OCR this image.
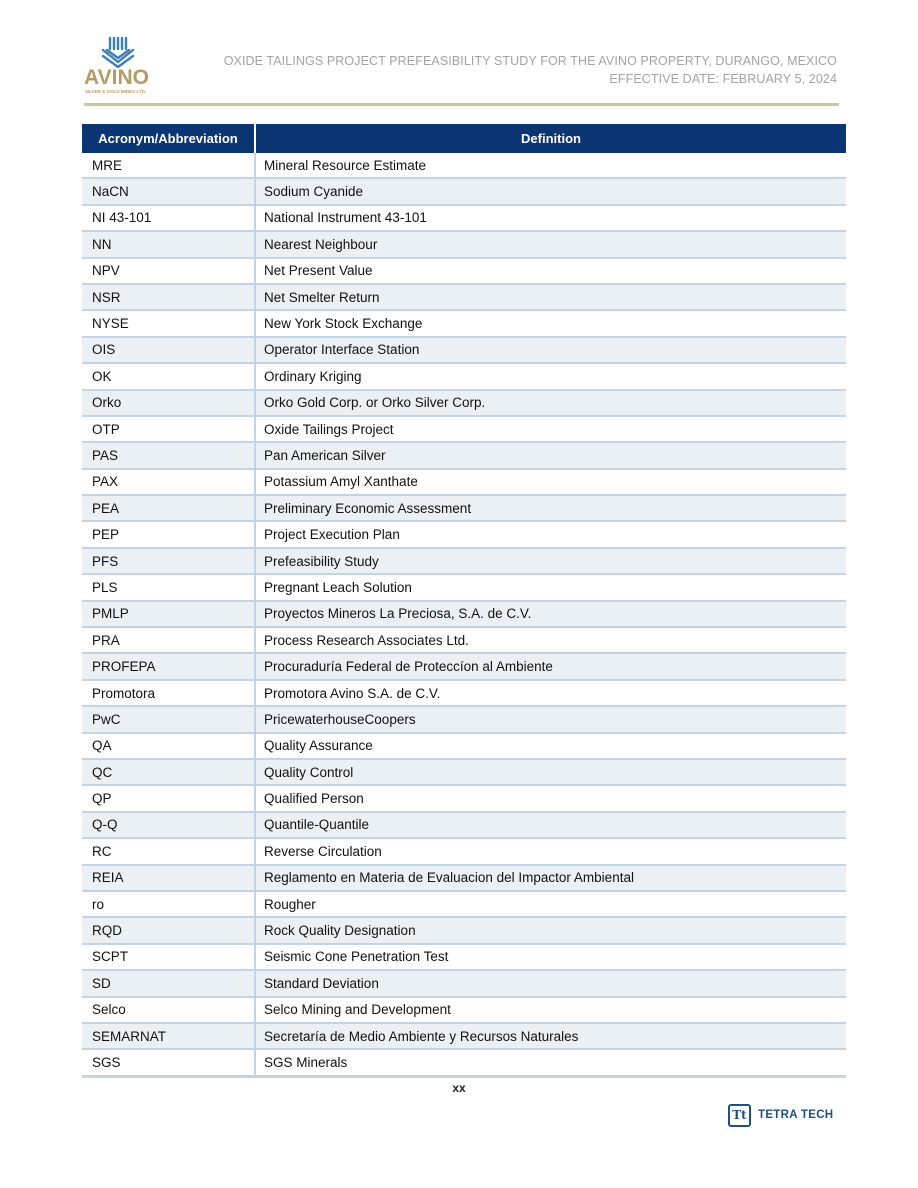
AVINO
SILVER & GOLD MINES LTD.
OXIDE TAILINGS PROJECT PREFEASIBILITY STUDY FOR THE AVINO PROPERTY, DURANGO, MEXICO
EFFECTIVE DATE: FEBRUARY 5, 2024
Acronym/Abbreviation	Definition
MRE	Mineral Resource Estimate
NaCN	Sodium Cyanide
NI 43-101	National Instrument 43-101
NN	Nearest Neighbour
NPV	Net Present Value
NSR	Net Smelter Return
NYSE	New York Stock Exchange
OIS	Operator Interface Station
OK	Ordinary Kriging
Orko	Orko Gold Corp. or Orko Silver Corp.
OTP	Oxide Tailings Project
PAS	Pan American Silver
PAX	Potassium Amyl Xanthate
PEA	Preliminary Economic Assessment
PEP	Project Execution Plan
PFS	Prefeasibility Study
PLS	Pregnant Leach Solution
PMLP	Proyectos Mineros La Preciosa, S.A. de C.V.
PRA	Process Research Associates Ltd.
PROFEPA	Procuraduría Federal de Proteccíon al Ambiente
Promotora	Promotora Avino S.A. de C.V.
PwC	PricewaterhouseCoopers
QA	Quality Assurance
QC	Quality Control
QP	Qualified Person
Q-Q	Quantile-Quantile
RC	Reverse Circulation
REIA	Reglamento en Materia de Evaluacion del Impactor Ambiental
ro	Rougher
RQD	Rock Quality Designation
SCPT	Seismic Cone Penetration Test
SD	Standard Deviation
Selco	Selco Mining and Development
SEMARNAT	Secretaría de Medio Ambiente y Recursos Naturales
SGS	SGS Minerals
xx
Tt TETRA TECH
